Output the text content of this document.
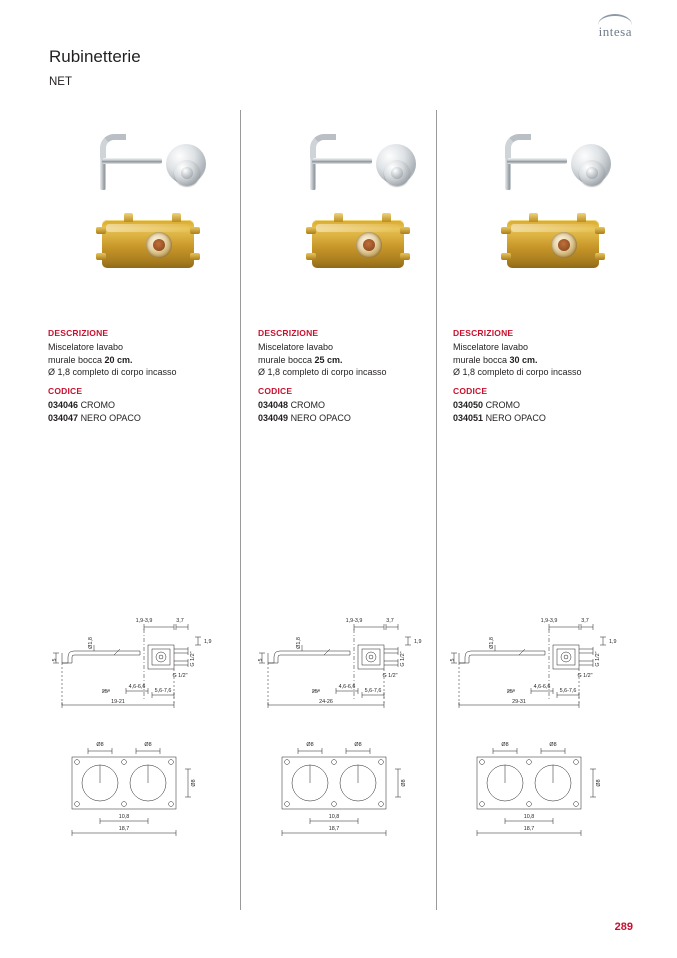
intesa
Rubinetterie
NET
DESCRIZIONE
Miscelatore lavabo
murale bocca 20 cm.
Ø 1,8 completo di corpo incasso
CODICE
034046 CROMO
034047 NERO OPACO
1,9-3,9	3,7
1,9
Ø1,8
5	G 1/2"
G 1/2"
25°
4,6-6,6
5,6-7,6
19-21
Ø8	Ø8
Ø8
10,8
18,7
DESCRIZIONE
Miscelatore lavabo
murale bocca 25 cm.
Ø 1,8 completo di corpo incasso
CODICE
034048 CROMO
034049 NERO OPACO
1,9-3,9	3,7
1,9
Ø1,8
5	G 1/2"
G 1/2"
25°
4,6-6,6
5,6-7,6
24-26
Ø8	Ø8
Ø8
10,8
18,7
DESCRIZIONE
Miscelatore lavabo
murale bocca 30 cm.
Ø 1,8 completo di corpo incasso
CODICE
034050 CROMO
034051 NERO OPACO
1,9-3,9	3,7
1,9
Ø1,8
5	G 1/2"
G 1/2"
25°
4,6-6,6
5,6-7,6
29-31
Ø8	Ø8
Ø8
10,8
18,7
289
